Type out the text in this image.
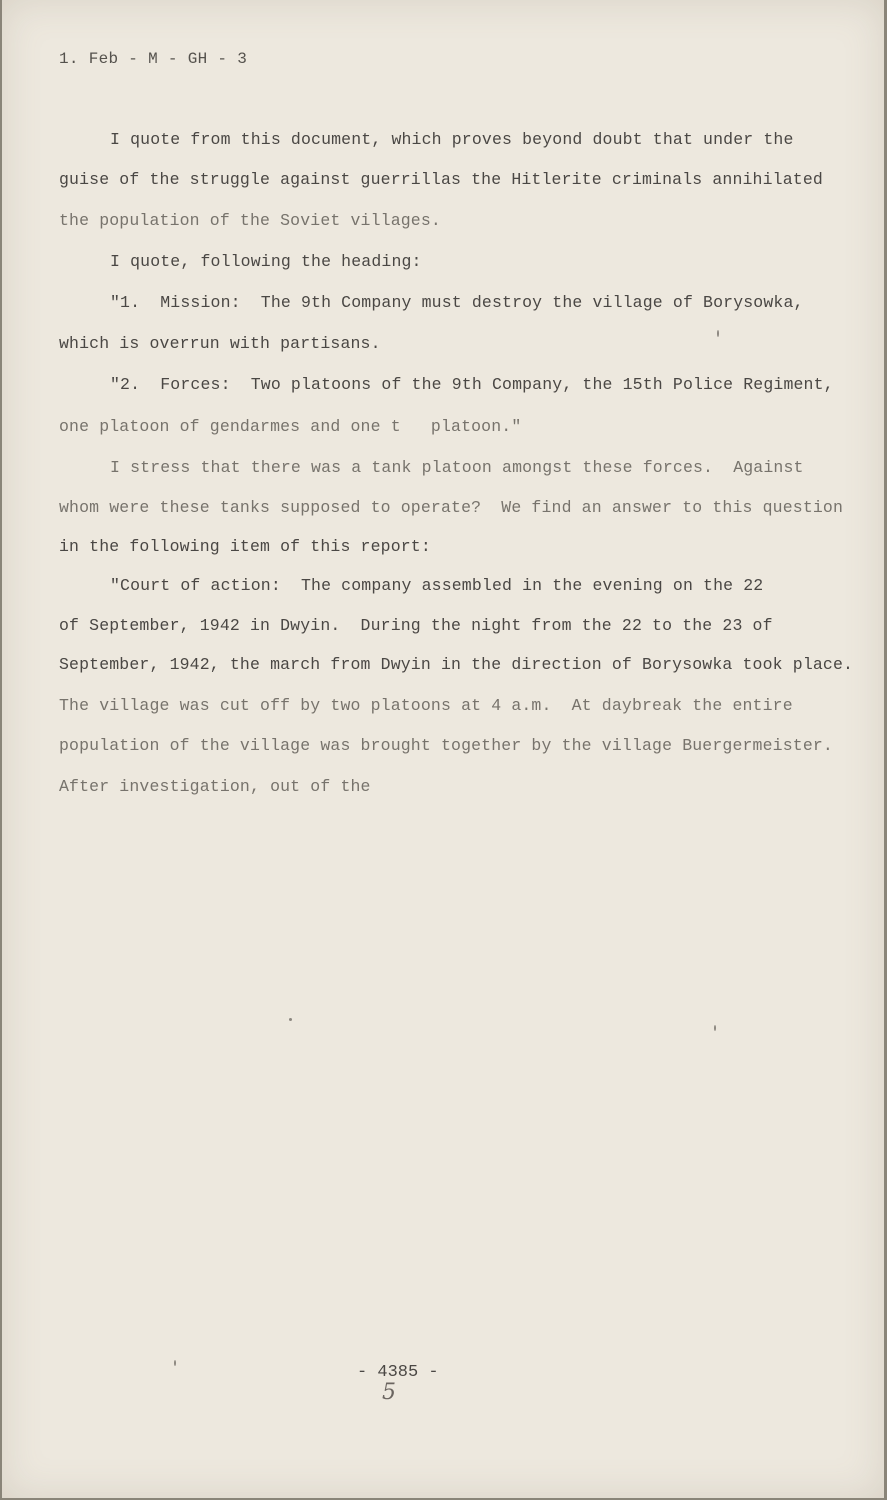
1. Feb - M - GH - 3
I quote from this document, which proves beyond doubt that under the
guise of the struggle against guerrillas the Hitlerite criminals annihilated
the population of the Soviet villages.
I quote, following the heading:
"1.  Mission:  The 9th Company must destroy the village of Borysowka,
which is overrun with partisans.
"2.  Forces:  Two platoons of the 9th Company, the 15th Police Regiment,
one platoon of gendarmes and one t   platoon."
I stress that there was a tank platoon amongst these forces.  Against
whom were these tanks supposed to operate?  We find an answer to this question
in the following item of this report:
"Court of action:  The company assembled in the evening on the 22
of September, 1942 in Dwyin.  During the night from the 22 to the 23 of
September, 1942, the march from Dwyin in the direction of Borysowka took place.
The village was cut off by two platoons at 4 a.m.  At daybreak the entire
population of the village was brought together by the village Buergermeister.
After investigation, out of the
- 4385 -
5
